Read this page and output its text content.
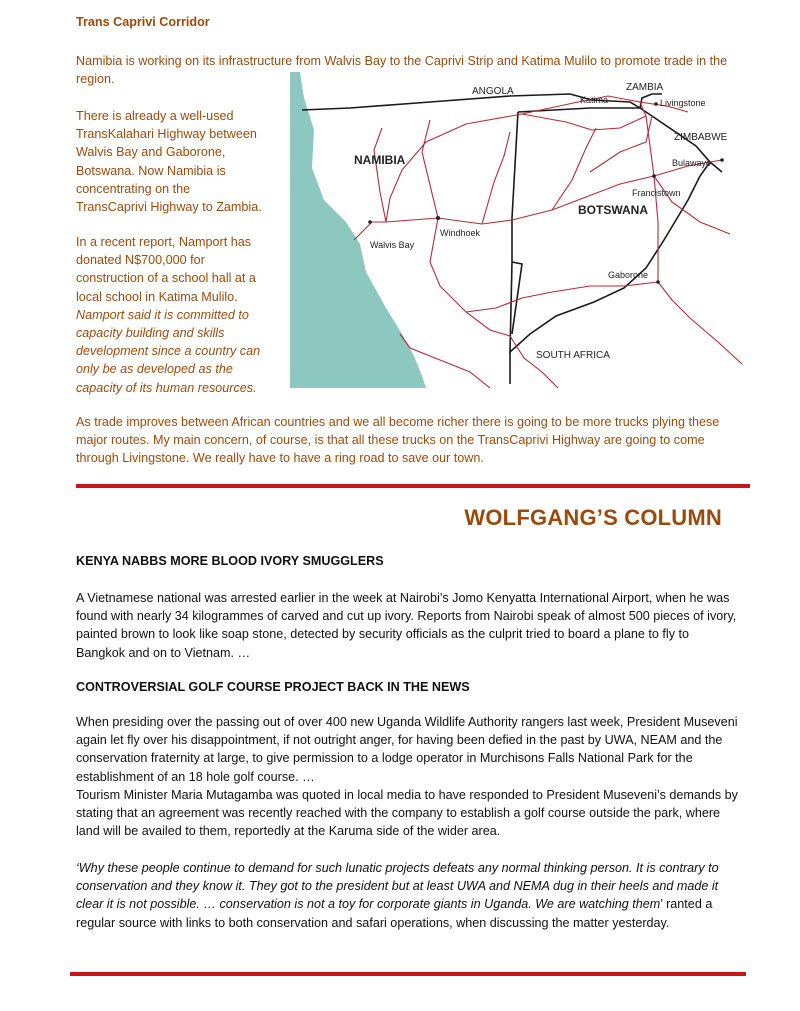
Trans Caprivi Corridor

Namibia is working on its infrastructure from Walvis Bay to the Caprivi Strip and Katima Mulilo to promote trade in the region.

There is already a well-used
TransKalahari Highway between
Walvis Bay and Gaborone,
Botswana. Now Namibia is
concentrating on the
TransCaprivi Highway to Zambia.
In a recent report, Namport has
donated N$700,000 for
construction of a school hall at a
local school in Katima Mulilo.
Namport said it is committed to
capacity building and skills
development since a country can
only be as developed as the
capacity of its human resources.
ANGOLA	ZAMBIA
ZIMBABWE
NAMIBIA
BOTSWANA
SOUTH AFRICA
Katima	Livingstone
Bulawayo
Francistown
Windhoek
Walvis Bay
Gaborone

As trade improves between African countries and we all become richer there is going to be more trucks plying these major routes. My main concern, of course, is that all these trucks on the TransCaprivi Highway are going to come through Livingstone. We really have to have a ring road to save our town.

WOLFGANG’S COLUMN
KENYA NABBS MORE BLOOD IVORY SMUGGLERS

A Vietnamese national was arrested earlier in the week at Nairobi’s Jomo Kenyatta International Airport, when he was found with nearly 34 kilogrammes of carved and cut up ivory. Reports from Nairobi speak of almost 500 pieces of ivory, painted brown to look like soap stone, detected by security officials as the culprit tried to board a plane to fly to Bangkok and on to Vietnam. …

CONTROVERSIAL GOLF COURSE PROJECT BACK IN THE NEWS

When presiding over the passing out of over 400 new Uganda Wildlife Authority rangers last week, President Museveni again let fly over his disappointment, if not outright anger, for having been defied in the past by UWA, NEAM and the conservation fraternity at large, to give permission to a lodge operator in Murchisons Falls National Park for the establishment of an 18 hole golf course. …

Tourism Minister Maria Mutagamba was quoted in local media to have responded to President Museveni’s demands by stating that an agreement was recently reached with the company to establish a golf course outside the park, where land will be availed to them, reportedly at the Karuma side of the wider area.

‘Why these people continue to demand for such lunatic projects defeats any normal thinking person. It is contrary to conservation and they know it. They got to the president but at least UWA and NEMA dug in their heels and made it clear it is not possible. … conservation is not a toy for corporate giants in Uganda. We are watching them’ ranted a regular source with links to both conservation and safari operations, when discussing the matter yesterday.
